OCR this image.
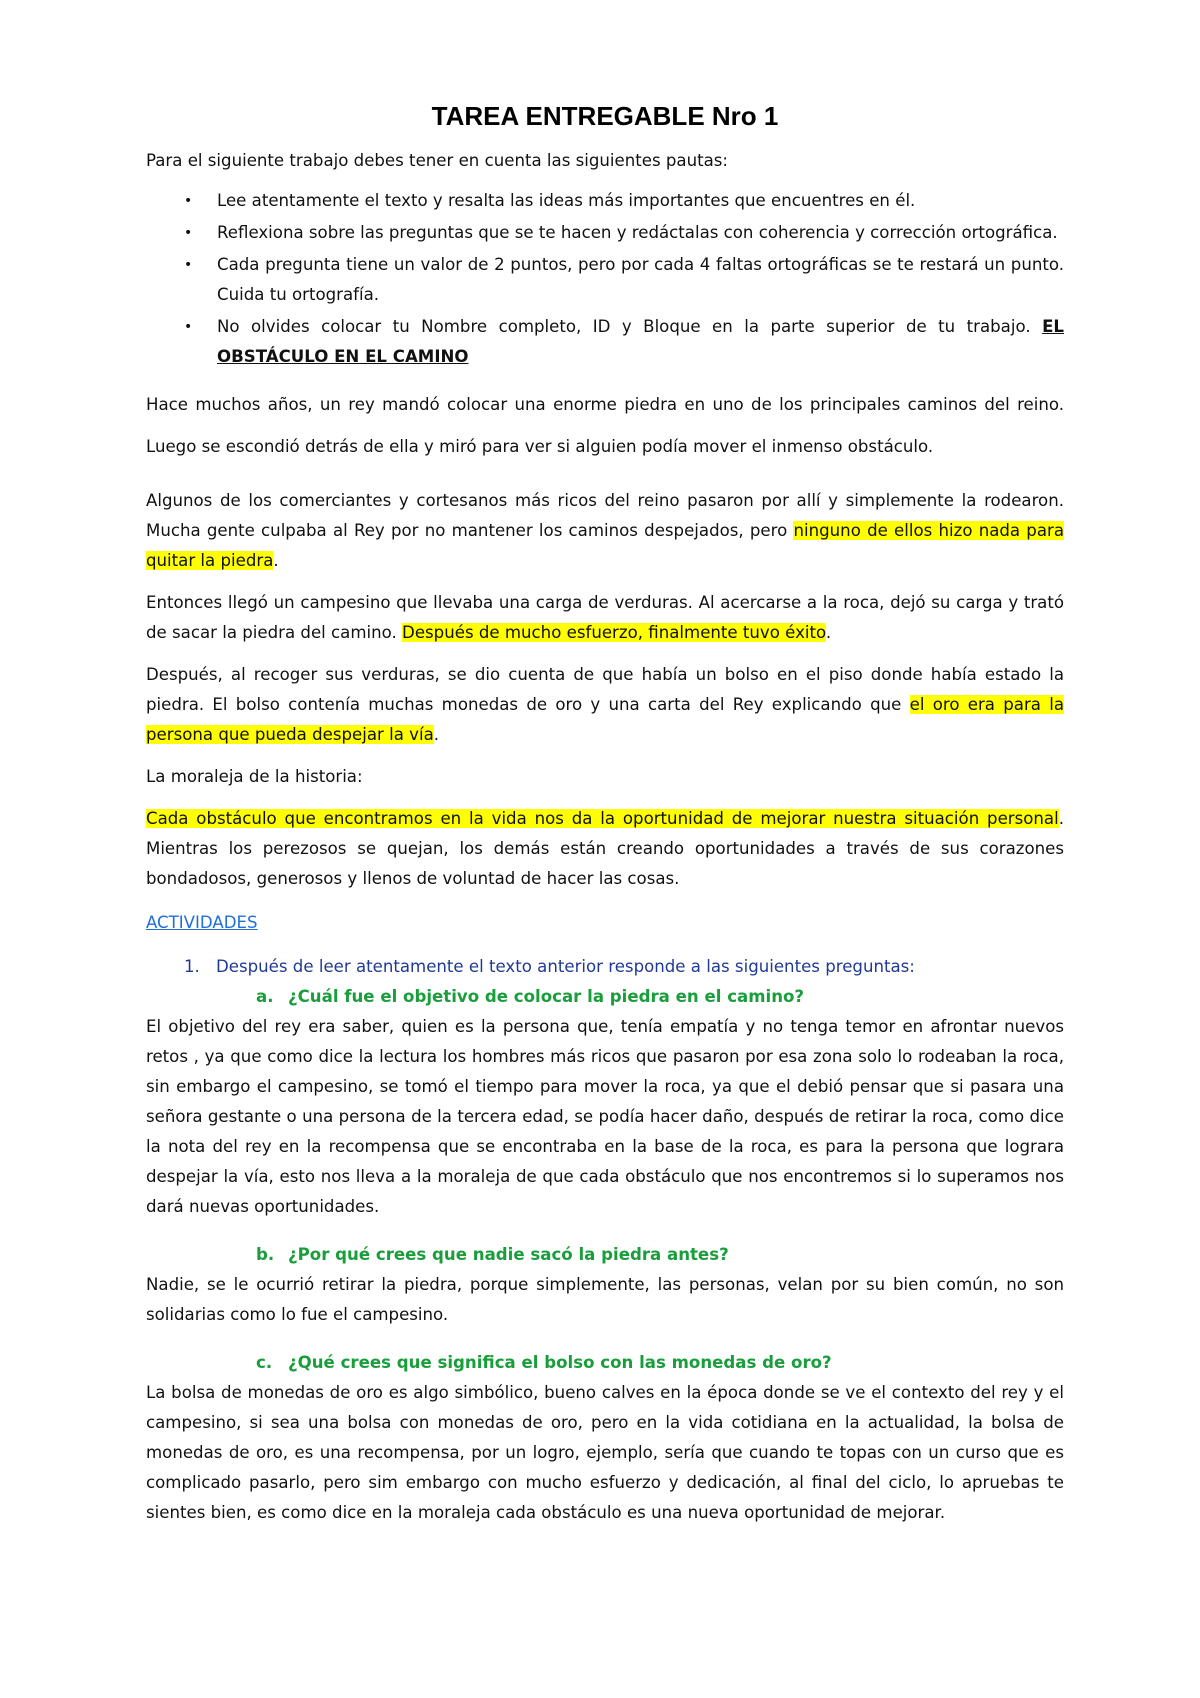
TAREA ENTREGABLE Nro 1

Para el siguiente trabajo debes tener en cuenta las siguientes pautas:

• Lee atentamente el texto y resalta las ideas más importantes que encuentres en él.
• Reflexiona sobre las preguntas que se te hacen y redáctalas con coherencia y corrección ortográfica.
• Cada pregunta tiene un valor de 2 puntos, pero por cada 4 faltas ortográficas se te restará un punto. Cuida tu ortografía.
• No olvides colocar tu Nombre completo, ID y Bloque en la parte superior de tu trabajo. EL OBSTÁCULO EN EL CAMINO

Hace muchos años, un rey mandó colocar una enorme piedra en uno de los principales caminos del reino. Luego se escondió detrás de ella y miró para ver si alguien podía mover el inmenso obstáculo.

Algunos de los comerciantes y cortesanos más ricos del reino pasaron por allí y simplemente la rodearon. Mucha gente culpaba al Rey por no mantener los caminos despejados, pero ninguno de ellos hizo nada para quitar la piedra.

Entonces llegó un campesino que llevaba una carga de verduras. Al acercarse a la roca, dejó su carga y trató de sacar la piedra del camino. Después de mucho esfuerzo, finalmente tuvo éxito.

Después, al recoger sus verduras, se dio cuenta de que había un bolso en el piso donde había estado la piedra. El bolso contenía muchas monedas de oro y una carta del Rey explicando que el oro era para la persona que pueda despejar la vía.

La moraleja de la historia:

Cada obstáculo que encontramos en la vida nos da la oportunidad de mejorar nuestra situación personal. Mientras los perezosos se quejan, los demás están creando oportunidades a través de sus corazones bondadosos, generosos y llenos de voluntad de hacer las cosas.

ACTIVIDADES

1. Después de leer atentamente el texto anterior responde a las siguientes preguntas:

a. ¿Cuál fue el objetivo de colocar la piedra en el camino?

El objetivo del rey era saber, quien es la persona que, tenía empatía y no tenga temor en afrontar nuevos retos , ya que como dice la lectura los hombres más ricos que pasaron por esa zona solo lo rodeaban la roca, sin embargo el campesino, se tomó el tiempo para mover la roca, ya que el debió pensar que si pasara una señora gestante o una persona de la tercera edad, se podía hacer daño, después de retirar la roca, como dice la nota del rey en la recompensa que se encontraba en la base de la roca, es para la persona que lograra despejar la vía, esto nos lleva a la moraleja de que cada obstáculo que nos encontremos si lo superamos nos dará nuevas oportunidades.

b. ¿Por qué crees que nadie sacó la piedra antes?

Nadie, se le ocurrió retirar la piedra, porque simplemente, las personas, velan por su bien común, no son solidarias como lo fue el campesino.

c. ¿Qué crees que significa el bolso con las monedas de oro?

La bolsa de monedas de oro es algo simbólico, bueno calves en la época donde se ve el contexto del rey y el campesino, si sea una bolsa con monedas de oro, pero en la vida cotidiana en la actualidad, la bolsa de monedas de oro, es una recompensa, por un logro, ejemplo, sería que cuando te topas con un curso que es complicado pasarlo, pero sim embargo con mucho esfuerzo y dedicación, al final del ciclo, lo apruebas te sientes bien, es como dice en la moraleja cada obstáculo es una nueva oportunidad de mejorar.
